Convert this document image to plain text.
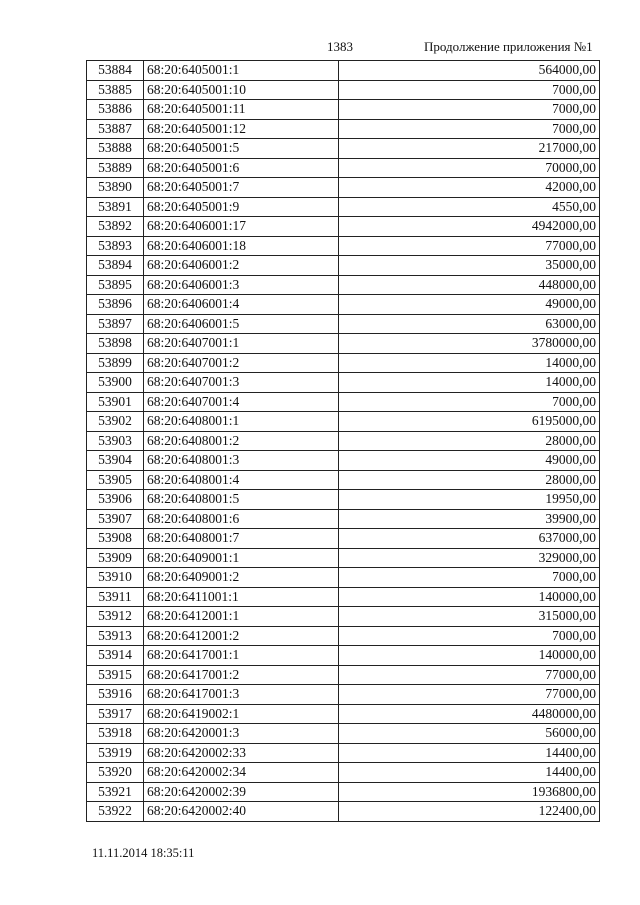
1383	Продолжение приложения №1
53884	68:20:6405001:1	564000,00
53885	68:20:6405001:10	7000,00
53886	68:20:6405001:11	7000,00
53887	68:20:6405001:12	7000,00
53888	68:20:6405001:5	217000,00
53889	68:20:6405001:6	70000,00
53890	68:20:6405001:7	42000,00
53891	68:20:6405001:9	4550,00
53892	68:20:6406001:17	4942000,00
53893	68:20:6406001:18	77000,00
53894	68:20:6406001:2	35000,00
53895	68:20:6406001:3	448000,00
53896	68:20:6406001:4	49000,00
53897	68:20:6406001:5	63000,00
53898	68:20:6407001:1	3780000,00
53899	68:20:6407001:2	14000,00
53900	68:20:6407001:3	14000,00
53901	68:20:6407001:4	7000,00
53902	68:20:6408001:1	6195000,00
53903	68:20:6408001:2	28000,00
53904	68:20:6408001:3	49000,00
53905	68:20:6408001:4	28000,00
53906	68:20:6408001:5	19950,00
53907	68:20:6408001:6	39900,00
53908	68:20:6408001:7	637000,00
53909	68:20:6409001:1	329000,00
53910	68:20:6409001:2	7000,00
53911	68:20:6411001:1	140000,00
53912	68:20:6412001:1	315000,00
53913	68:20:6412001:2	7000,00
53914	68:20:6417001:1	140000,00
53915	68:20:6417001:2	77000,00
53916	68:20:6417001:3	77000,00
53917	68:20:6419002:1	4480000,00
53918	68:20:6420001:3	56000,00
53919	68:20:6420002:33	14400,00
53920	68:20:6420002:34	14400,00
53921	68:20:6420002:39	1936800,00
53922	68:20:6420002:40	122400,00
11.11.2014 18:35:11
